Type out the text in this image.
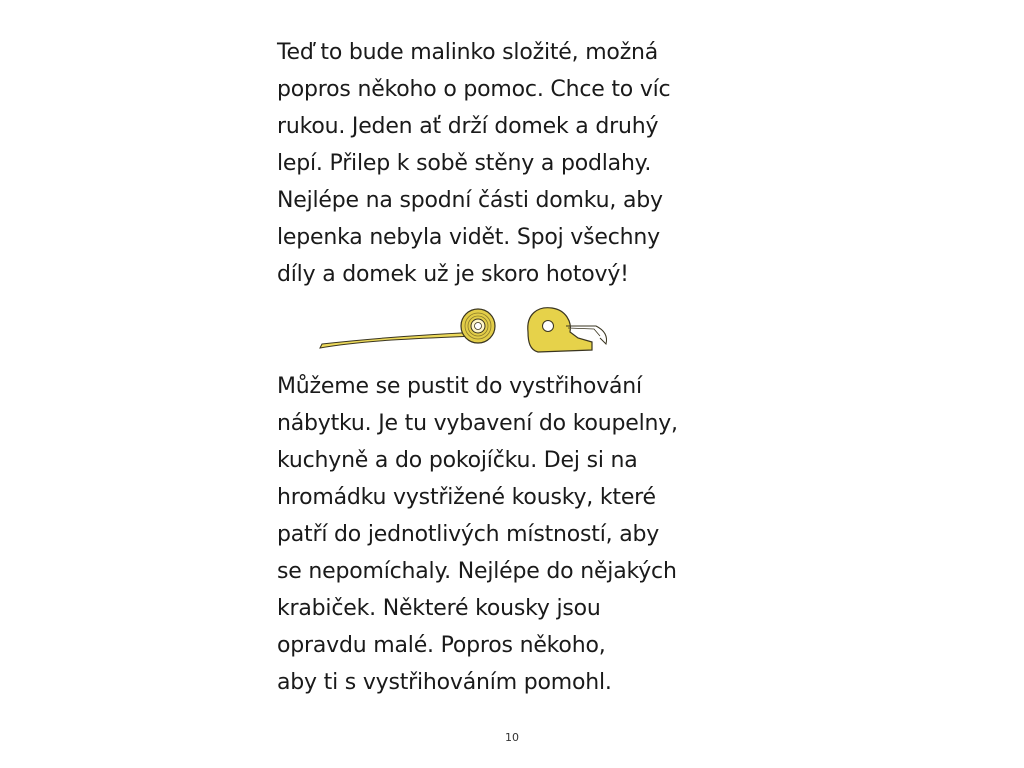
Teď to bude malinko složité, možná
popros někoho o pomoc. Chce to víc
rukou. Jeden ať drží domek a druhý
lepí. Přilep k sobě stěny a podlahy.
Nejlépe na spodní části domku, aby
lepenka nebyla vidět. Spoj všechny
díly a domek už je skoro hotový!

Můžeme se pustit do vystřihování
nábytku. Je tu vybavení do koupelny,
kuchyně a do pokojíčku. Dej si na
hromádku vystřižené kousky, které
patří do jednotlivých místností, aby
se nepomíchaly. Nejlépe do nějakých
krabiček. Některé kousky jsou
opravdu malé. Popros někoho,
aby ti s vystřihováním pomohl.

10
